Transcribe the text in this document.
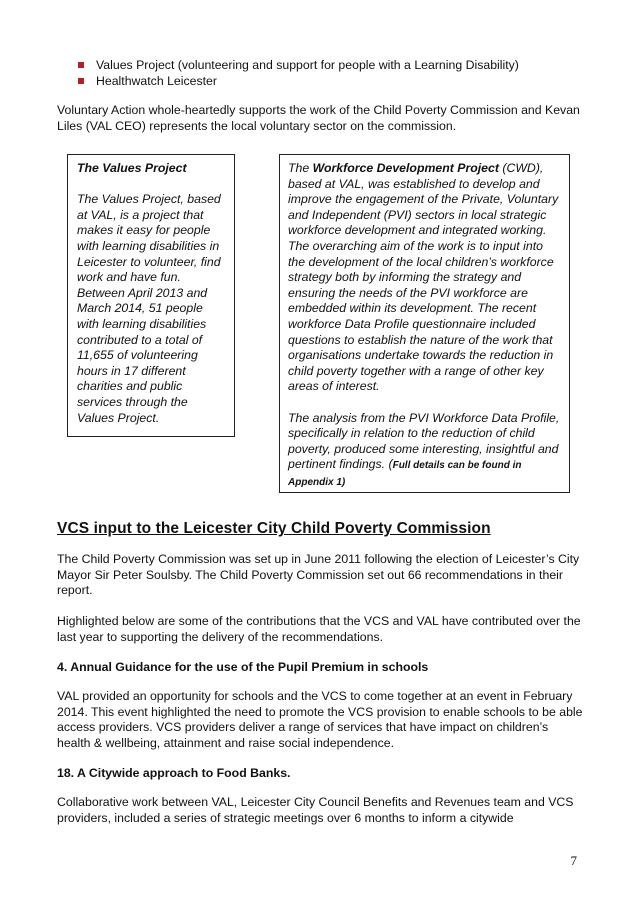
Values Project (volunteering and support for people with a Learning Disability)
Healthwatch Leicester

Voluntary Action whole-heartedly supports the work of the Child Poverty Commission and Kevan Liles (VAL CEO) represents the local voluntary sector on the commission.

The Values Project

The Values Project, based at VAL, is a project that makes it easy for people with learning disabilities in Leicester to volunteer, find work and have fun. Between April 2013 and March 2014, 51 people with learning disabilities contributed to a total of 11,655 of volunteering hours in 17 different charities and public services through the Values Project.

The Workforce Development Project (CWD), based at VAL, was established to develop and improve the engagement of the Private, Voluntary and Independent (PVI) sectors in local strategic workforce development and integrated working. The overarching aim of the work is to input into the development of the local children’s workforce strategy both by informing the strategy and ensuring the needs of the PVI workforce are embedded within its development. The recent workforce Data Profile questionnaire included questions to establish the nature of the work that organisations undertake towards the reduction in child poverty together with a range of other key areas of interest.

The analysis from the PVI Workforce Data Profile, specifically in relation to the reduction of child poverty, produced some interesting, insightful and pertinent findings. (Full details can be found in Appendix 1)

VCS input to the Leicester City Child Poverty Commission

The Child Poverty Commission was set up in June 2011 following the election of Leicester’s City Mayor Sir Peter Soulsby. The Child Poverty Commission set out 66 recommendations in their report.

Highlighted below are some of the contributions that the VCS and VAL have contributed over the last year to supporting the delivery of the recommendations.

4. Annual Guidance for the use of the Pupil Premium in schools

VAL provided an opportunity for schools and the VCS to come together at an event in February 2014. This event highlighted the need to promote the VCS provision to enable schools to be able access providers. VCS providers deliver a range of services that have impact on children’s health & wellbeing, attainment and raise social independence.

18. A Citywide approach to Food Banks.

Collaborative work between VAL, Leicester City Council Benefits and Revenues team and VCS providers, included a series of strategic meetings over 6 months to inform a citywide

7
